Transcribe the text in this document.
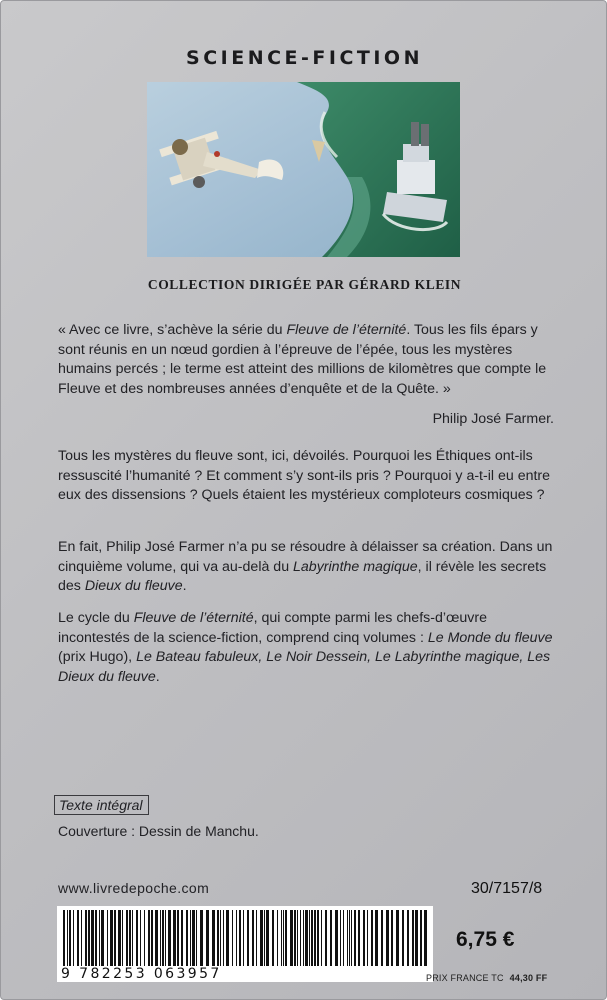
SCIENCE-FICTION
COLLECTION DIRIGÉE PAR GÉRARD KLEIN

« Avec ce livre, s’achève la série du Fleuve de l’éternité. Tous les fils épars y sont réunis en un nœud gordien à l’épreuve de l’épée, tous les mystères humains percés ; le terme est atteint des millions de kilomètres que compte le Fleuve et des nombreuses années d’enquête et de la Quête. »

Philip José Farmer.

Tous les mystères du fleuve sont, ici, dévoilés. Pourquoi les Éthiques ont-ils ressuscité l’humanité ? Et comment s’y sont-ils pris ? Pourquoi y a-t-il eu entre eux des dissensions ? Quels étaient les mystérieux comploteurs cosmiques ?

En fait, Philip José Farmer n’a pu se résoudre à délaisser sa création. Dans un cinquième volume, qui va au-delà du Labyrinthe magique, il révèle les secrets des Dieux du fleuve.

Le cycle du Fleuve de l’éternité, qui compte parmi les chefs-d’œuvre incontestés de la science-fiction, comprend cinq volumes : Le Monde du fleuve (prix Hugo), Le Bateau fabuleux, Le Noir Dessein, Le Labyrinthe magique, Les Dieux du fleuve.

Texte intégral
Couverture : Dessin de Manchu.
www.livredepoche.com	30/7157/8
9 782253 063957
6,75 €
PRIX FRANCE TC 44,30 FF
